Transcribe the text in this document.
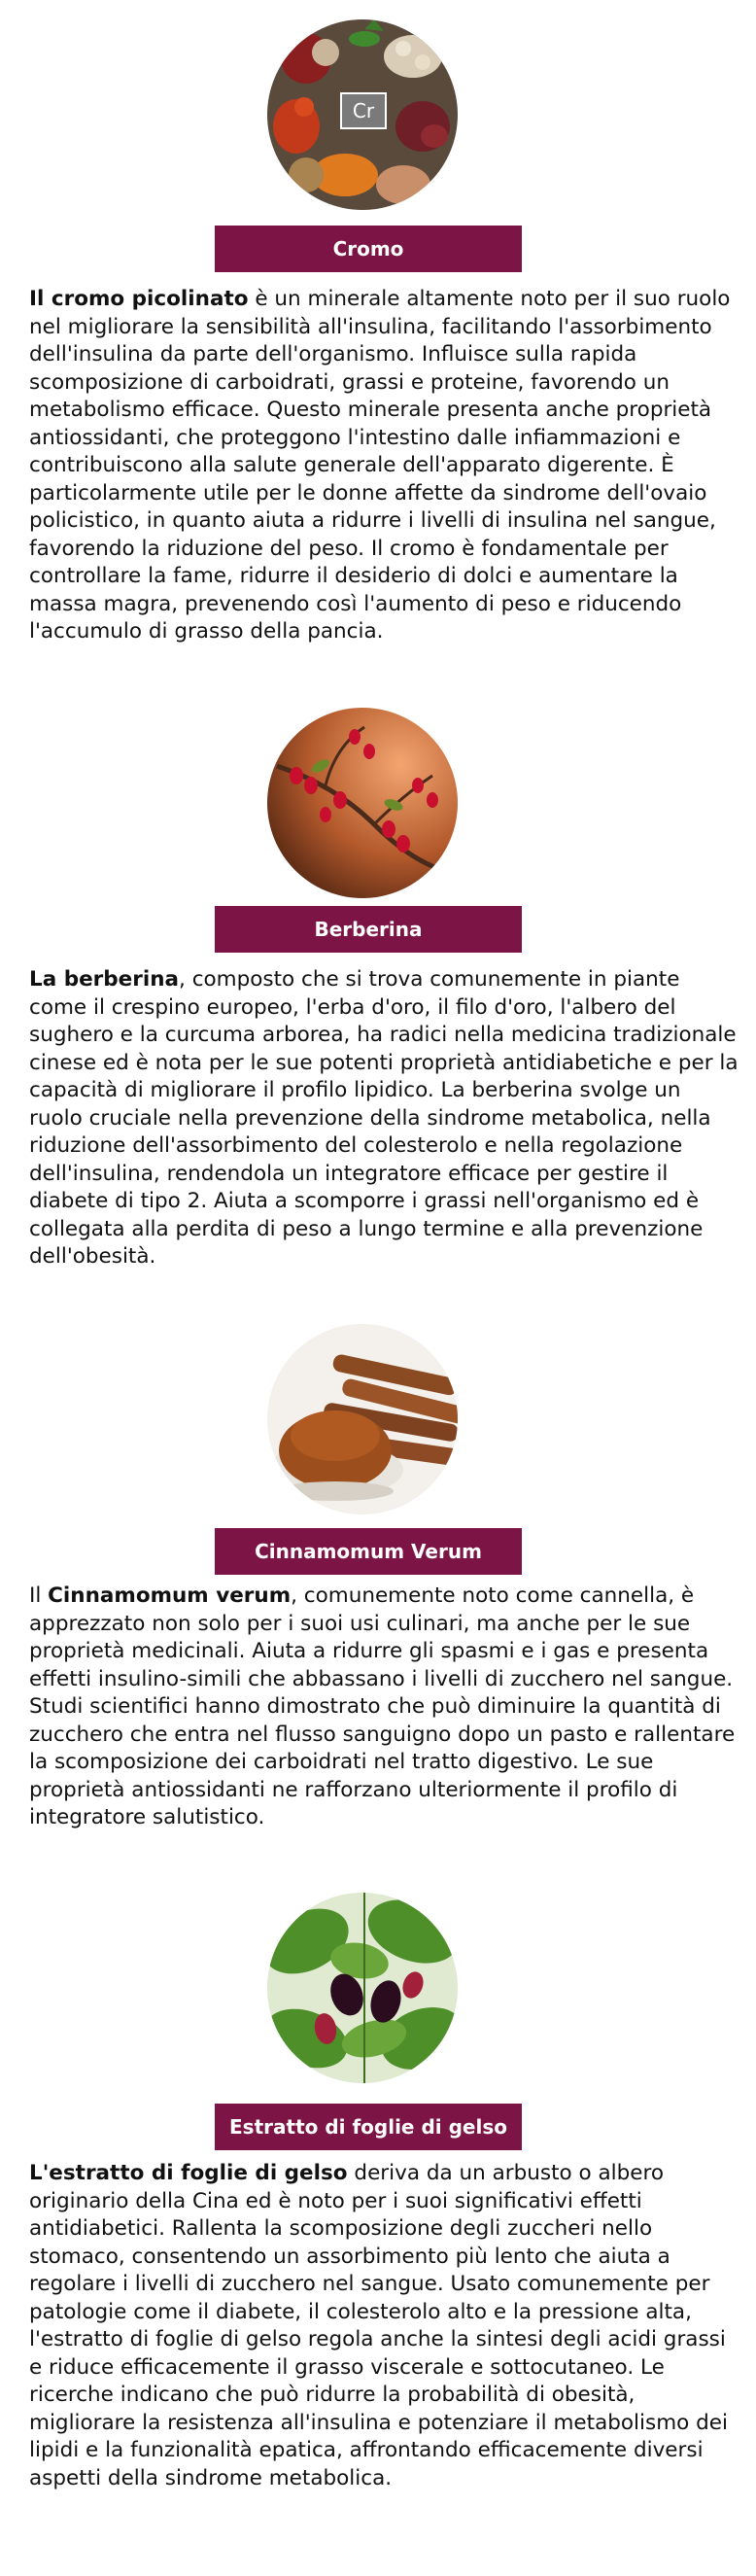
Cr
Cromo

Il cromo picolinato è un minerale altamente noto per il suo ruolo nel migliorare la sensibilità all'insulina, facilitando l'assorbimento dell'insulina da parte dell'organismo. Influisce sulla rapida scomposizione di carboidrati, grassi e proteine, favorendo un metabolismo efficace. Questo minerale presenta anche proprietà antiossidanti, che proteggono l'intestino dalle infiammazioni e contribuiscono alla salute generale dell'apparato digerente. È particolarmente utile per le donne affette da sindrome dell'ovaio policistico, in quanto aiuta a ridurre i livelli di insulina nel sangue, favorendo la riduzione del peso. Il cromo è fondamentale per controllare la fame, ridurre il desiderio di dolci e aumentare la massa magra, prevenendo così l'aumento di peso e riducendo l'accumulo di grasso della pancia.

Berberina

La berberina, composto che si trova comunemente in piante come il crespino europeo, l'erba d'oro, il filo d'oro, l'albero del sughero e la curcuma arborea, ha radici nella medicina tradizionale cinese ed è nota per le sue potenti proprietà antidiabetiche e per la capacità di migliorare il profilo lipidico. La berberina svolge un ruolo cruciale nella prevenzione della sindrome metabolica, nella riduzione dell'assorbimento del colesterolo e nella regolazione dell'insulina, rendendola un integratore efficace per gestire il diabete di tipo 2. Aiuta a scomporre i grassi nell'organismo ed è collegata alla perdita di peso a lungo termine e alla prevenzione dell'obesità.

Cinnamomum Verum

Il Cinnamomum verum, comunemente noto come cannella, è apprezzato non solo per i suoi usi culinari, ma anche per le sue proprietà medicinali. Aiuta a ridurre gli spasmi e i gas e presenta effetti insulino-simili che abbassano i livelli di zucchero nel sangue. Studi scientifici hanno dimostrato che può diminuire la quantità di zucchero che entra nel flusso sanguigno dopo un pasto e rallentare la scomposizione dei carboidrati nel tratto digestivo. Le sue proprietà antiossidanti ne rafforzano ulteriormente il profilo di integratore salutistico.

Estratto di foglie di gelso

L'estratto di foglie di gelso deriva da un arbusto o albero originario della Cina ed è noto per i suoi significativi effetti antidiabetici. Rallenta la scomposizione degli zuccheri nello stomaco, consentendo un assorbimento più lento che aiuta a regolare i livelli di zucchero nel sangue. Usato comunemente per patologie come il diabete, il colesterolo alto e la pressione alta, l'estratto di foglie di gelso regola anche la sintesi degli acidi grassi e riduce efficacemente il grasso viscerale e sottocutaneo. Le ricerche indicano che può ridurre la probabilità di obesità, migliorare la resistenza all'insulina e potenziare il metabolismo dei lipidi e la funzionalità epatica, affrontando efficacemente diversi aspetti della sindrome metabolica.
